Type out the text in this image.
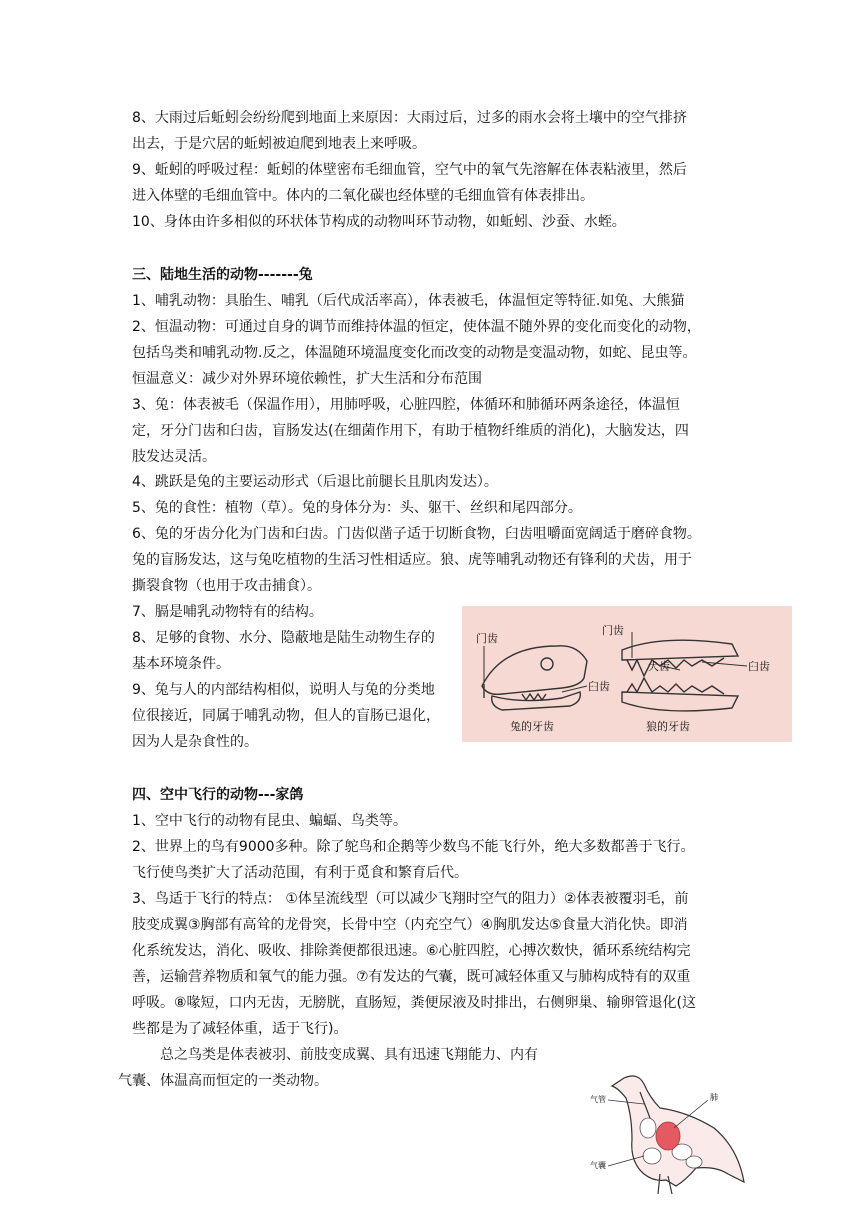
8、大雨过后蚯蚓会纷纷爬到地面上来原因：大雨过后，过多的雨水会将土壤中的空气排挤
出去，于是穴居的蚯蚓被迫爬到地表上来呼吸。
9、蚯蚓的呼吸过程：蚯蚓的体壁密布毛细血管，空气中的氧气先溶解在体表粘液里，然后
进入体壁的毛细血管中。体内的二氧化碳也经体壁的毛细血管有体表排出。
10、身体由许多相似的环状体节构成的动物叫环节动物，如蚯蚓、沙蚕、水蛭。
三、陆地生活的动物-------兔
1、哺乳动物：具胎生、哺乳（后代成活率高），体表被毛，体温恒定等特征.如兔、大熊猫
2、恒温动物：可通过自身的调节而维持体温的恒定，使体温不随外界的变化而变化的动物，
包括鸟类和哺乳动物.反之，体温随环境温度变化而改变的动物是变温动物，如蛇、昆虫等。
恒温意义：减少对外界环境依赖性，扩大生活和分布范围
3、兔：体表被毛（保温作用），用肺呼吸，心脏四腔，体循环和肺循环两条途径，体温恒
定，牙分门齿和臼齿，盲肠发达(在细菌作用下，有助于植物纤维质的消化)，大脑发达，四
肢发达灵活。
4、跳跃是兔的主要运动形式（后退比前腿长且肌肉发达）。
5、兔的食性：植物（草）。兔的身体分为：头、躯干、丝织和尾四部分。
6、兔的牙齿分化为门齿和臼齿。门齿似凿子适于切断食物，臼齿咀嚼面宽阔适于磨碎食物。
兔的盲肠发达，这与兔吃植物的生活习性相适应。狼、虎等哺乳动物还有锋利的犬齿，用于
撕裂食物（也用于攻击捕食）。
7、膈是哺乳动物特有的结构。
8、足够的食物、水分、隐蔽地是陆生动物生存的
基本环境条件。
9、兔与人的内部结构相似，说明人与兔的分类地
位很接近，同属于哺乳动物，但人的盲肠已退化，
因为人是杂食性的。
四、空中飞行的动物---家鸽
1、空中飞行的动物有昆虫、蝙蝠、鸟类等。
2、世界上的鸟有9000多种。除了鸵鸟和企鹅等少数鸟不能飞行外，绝大多数都善于飞行。
飞行使鸟类扩大了活动范围，有利于觅食和繁育后代。
3、鸟适于飞行的特点： ①体呈流线型（可以减少飞翔时空气的阻力）②体表被覆羽毛，前
肢变成翼③胸部有高耸的龙骨突，长骨中空（内充空气）④胸肌发达⑤食量大消化快。即消
化系统发达，消化、吸收、排除粪便都很迅速。⑥心脏四腔，心搏次数快，循环系统结构完
善，运输营养物质和氧气的能力强。⑦有发达的气囊，既可减轻体重又与肺构成特有的双重
呼吸。⑧喙短，口内无齿，无膀胱，直肠短，粪便尿液及时排出，右侧卵巢、输卵管退化(这
些都是为了减轻体重，适于飞行)。
总之鸟类是体表被羽、前肢变成翼、具有迅速飞翔能力、内有
气囊、体温高而恒定的一类动物。
门齿
臼齿
兔的牙齿
门齿
犬齿	臼齿
狼的牙齿
气管	肺
气囊
